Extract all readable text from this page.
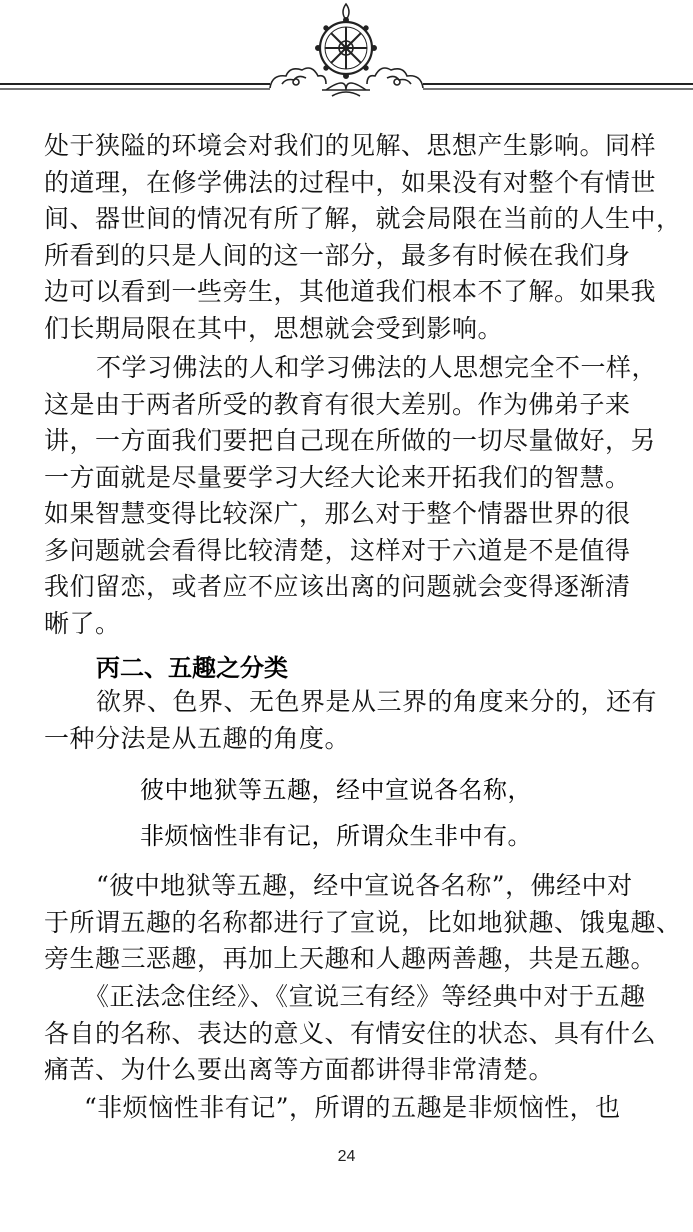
处于狭隘的环境会对我们的见解、思想产生影响。同样

的道理，在修学佛法的过程中，如果没有对整个有情世

间、器世间的情况有所了解，就会局限在当前的人生中，

所看到的只是人间的这一部分，最多有时候在我们身

边可以看到一些旁生，其他道我们根本不了解。如果我

们长期局限在其中，思想就会受到影响。

不学习佛法的人和学习佛法的人思想完全不一样，

这是由于两者所受的教育有很大差别。作为佛弟子来

讲，一方面我们要把自己现在所做的一切尽量做好，另

一方面就是尽量要学习大经大论来开拓我们的智慧。

如果智慧变得比较深广，那么对于整个情器世界的很

多问题就会看得比较清楚，这样对于六道是不是值得

我们留恋，或者应不应该出离的问题就会变得逐渐清

晰了。

丙二、五趣之分类

欲界、色界、无色界是从三界的角度来分的，还有

一种分法是从五趣的角度。

彼中地狱等五趣，经中宣说各名称，
非烦恼性非有记，所谓众生非中有。

“彼中地狱等五趣，经中宣说各名称”，佛经中对

于所谓五趣的名称都进行了宣说，比如地狱趣、饿鬼趣、

旁生趣三恶趣，再加上天趣和人趣两善趣，共是五趣。

《正法念住经》、《宣说三有经》等经典中对于五趣

各自的名称、表达的意义、有情安住的状态、具有什么

痛苦、为什么要出离等方面都讲得非常清楚。

“非烦恼性非有记”，所谓的五趣是非烦恼性，也

24
